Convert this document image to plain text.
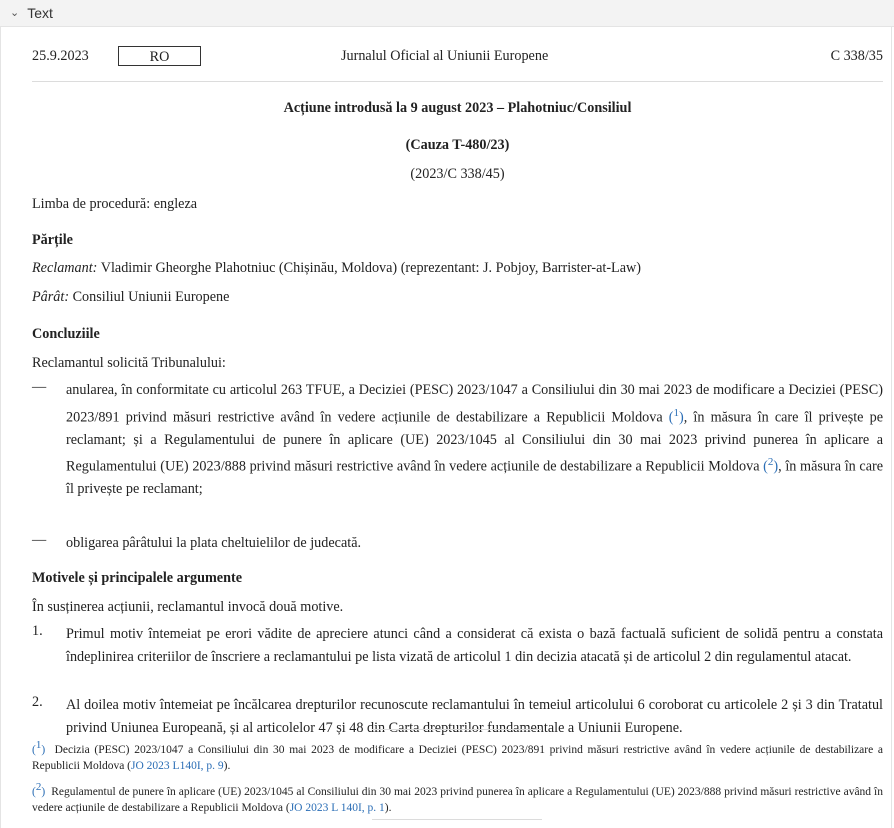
⌄ Text
25.9.2023	RO	Jurnalul Oficial al Uniunii Europene	C 338/35
Acțiune introdusă la 9 august 2023 – Plahotniuc/Consiliul
(Cauza T-480/23)
(2023/C 338/45)
Limba de procedură: engleza
Părțile
Reclamant: Vladimir Gheorghe Plahotniuc (Chișinău, Moldova) (reprezentant: J. Pobjoy, Barrister-at-Law)
Pârât: Consiliul Uniunii Europene
Concluziile
Reclamantul solicită Tribunalului:
— anularea, în conformitate cu articolul 263 TFUE, a Deciziei (PESC) 2023/1047 a Consiliului din 30 mai 2023 de modificare a Deciziei (PESC) 2023/891 privind măsuri restrictive având în vedere acțiunile de destabilizare a Republicii Moldova ($^1$), în măsura în care îl privește pe reclamant; și a Regulamentului de punere în aplicare (UE) 2023/1045 al Consiliului din 30 mai 2023 privind punerea în aplicare a Regulamentului (UE) 2023/888 privind măsuri restrictive având în vedere acțiunile de destabilizare a Republicii Moldova ($^2$), în măsura în care îl privește pe reclamant;
— obligarea pârâtului la plata cheltuielilor de judecată.
Motivele și principalele argumente
În susținerea acțiunii, reclamantul invocă două motive.
1. Primul motiv întemeiat pe erori vădite de apreciere atunci când a considerat că exista o bază factuală suficient de solidă pentru a constata îndeplinirea criteriilor de înscriere a reclamantului pe lista vizată de articolul 1 din decizia atacată și de articolul 2 din regulamentul atacat.
2. Al doilea motiv întemeiat pe încălcarea drepturilor recunoscute reclamantului în temeiul articolului 6 coroborat cu articolele 2 și 3 din Tratatul privind Uniunea Europeană, și al articolelor 47 și 48 din Carta drepturilor fundamentale a Uniunii Europene.
(1) Decizia (PESC) 2023/1047 a Consiliului din 30 mai 2023 de modificare a Deciziei (PESC) 2023/891 privind măsuri restrictive având în vedere acțiunile de destabilizare a Republicii Moldova (JO 2023 L140I, p. 9).
(2) Regulamentul de punere în aplicare (UE) 2023/1045 al Consiliului din 30 mai 2023 privind punerea în aplicare a Regulamentului (UE) 2023/888 privind măsuri restrictive având în vedere acțiunile de destabilizare a Republicii Moldova (JO 2023 L 140I, p. 1).
